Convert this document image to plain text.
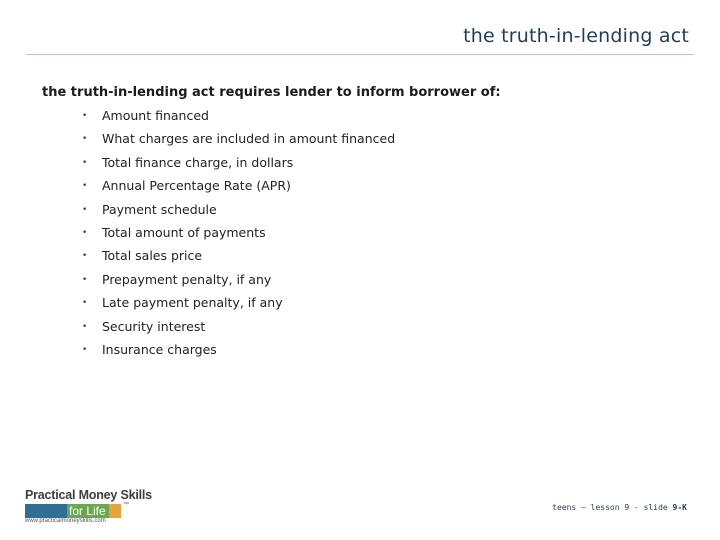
the truth-in-lending act
the truth-in-lending act requires lender to inform borrower of:
• Amount financed
• What charges are included in amount financed
• Total finance charge, in dollars
• Annual Percentage Rate (APR)
• Payment schedule
• Total amount of payments
• Total sales price
• Prepayment penalty, if any
• Late payment penalty, if any
• Security interest
• Insurance charges
Practical Money Skills
for Life	™
www.practicalmoneyskills.com
teens – lesson 9 - slide 9-K
